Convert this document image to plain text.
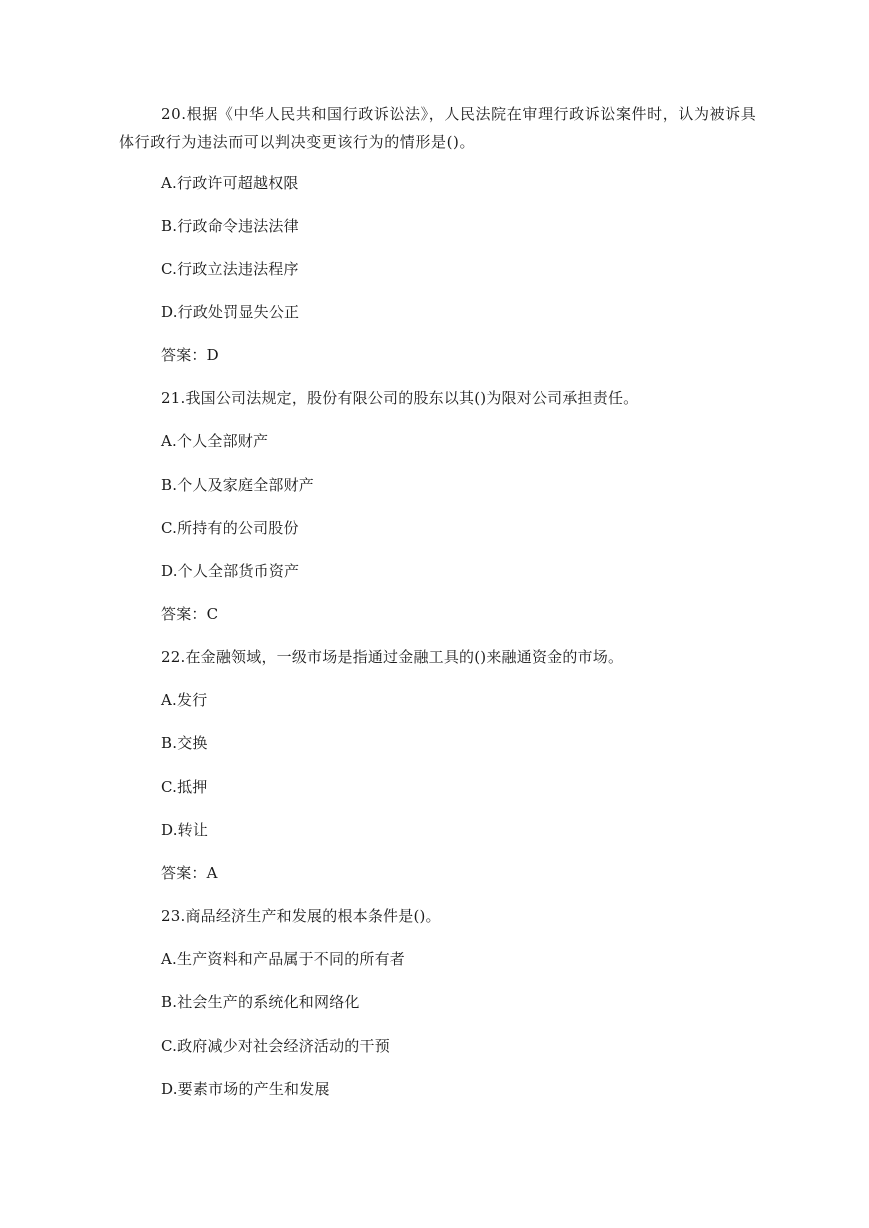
20.根据《中华人民共和国行政诉讼法》，人民法院在审理行政诉讼案件时，认为被诉具体行政行为违法而可以判决变更该行为的情形是()。
A.行政许可超越权限
B.行政命令违法法律
C.行政立法违法程序
D.行政处罚显失公正
答案：D
21.我国公司法规定，股份有限公司的股东以其()为限对公司承担责任。
A.个人全部财产
B.个人及家庭全部财产
C.所持有的公司股份
D.个人全部货币资产
答案：C
22.在金融领域，一级市场是指通过金融工具的()来融通资金的市场。
A.发行
B.交换
C.抵押
D.转让
答案：A
23.商品经济生产和发展的根本条件是()。
A.生产资料和产品属于不同的所有者
B.社会生产的系统化和网络化
C.政府减少对社会经济活动的干预
D.要素市场的产生和发展
